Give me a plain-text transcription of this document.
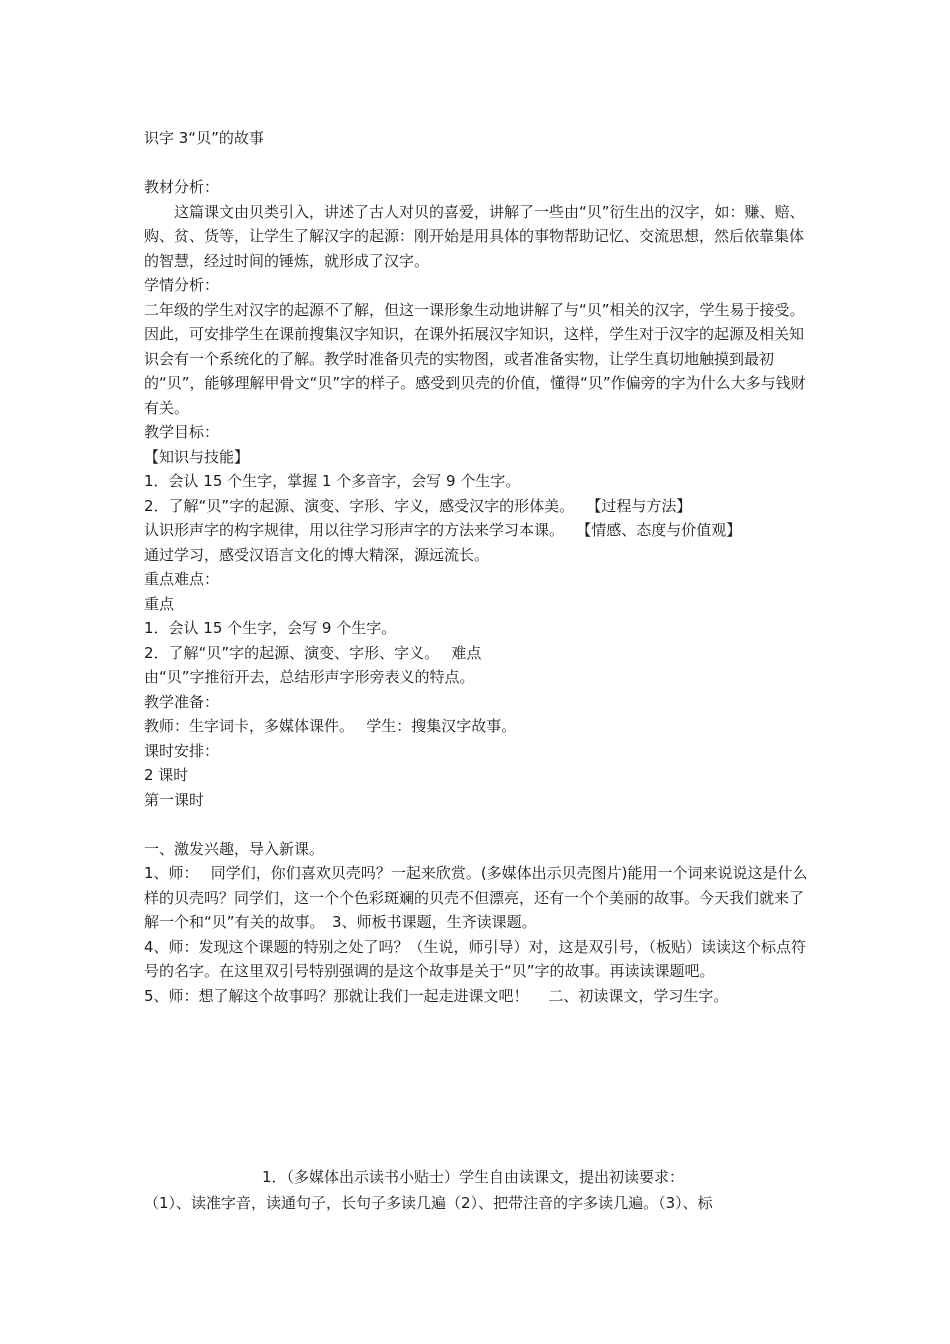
识字 3“贝”的故事
教材分析：
这篇课文由贝类引入，讲述了古人对贝的喜爱，讲解了一些由“贝”衍生出的汉字，如：赚、赔、购、贫、货等，让学生了解汉字的起源：刚开始是用具体的事物帮助记忆、交流思想，然后依靠集体的智慧，经过时间的锤炼，就形成了汉字。
学情分析：
二年级的学生对汉字的起源不了解，但这一课形象生动地讲解了与“贝”相关的汉字，学生易于接受。因此，可安排学生在课前搜集汉字知识，在课外拓展汉字知识，这样，学生对于汉字的起源及相关知识会有一个系统化的了解。教学时准备贝壳的实物图，或者准备实物，让学生真切地触摸到最初的“贝”，能够理解甲骨文“贝”字的样子。感受到贝壳的价值，懂得“贝”作偏旁的字为什么大多与钱财有关。
教学目标：
【知识与技能】
1．会认 15 个生字，掌握 1 个多音字，会写 9 个生字。
2．了解“贝”字的起源、演变、字形、字义，感受汉字的形体美。　 【过程与方法】
认识形声字的构字规律，用以往学习形声字的方法来学习本课。　 【情感、态度与价值观】
通过学习，感受汉语言文化的博大精深，源远流长。
重点难点：
重点
1．会认 15 个生字，会写 9 个生字。
2．了解“贝”字的起源、演变、字形、字义。　 难点
由“贝”字推衍开去，总结形声字形旁表义的特点。
教学准备：
教师：生字词卡，多媒体课件。　 学生：搜集汉字故事。
课时安排：
2 课时
第一课时
一、激发兴趣，导入新课。
1、师：　 同学们，你们喜欢贝壳吗？一起来欣赏。(多媒体出示贝壳图片)能用一个词来说说这是什么样的贝壳吗？同学们，这一个个色彩斑斓的贝壳不但漂亮，还有一个个美丽的故事。今天我们就来了解一个和“贝”有关的故事。　3、师板书课题，生齐读课题。
4、师：发现这个课题的特别之处了吗？（生说，师引导）对，这是双引号，（板贴）读读这个标点符号的名字。在这里双引号特别强调的是这个故事是关于“贝”字的故事。再读读课题吧。
5、师：想了解这个故事吗？那就让我们一起走进课文吧！　 二、初读课文，学习生字。
1．（多媒体出示读书小贴士）学生自由读课文，提出初读要求：
（1）、读准字音，读通句子，长句子多读几遍（2）、把带注音的字多读几遍。（3）、标
